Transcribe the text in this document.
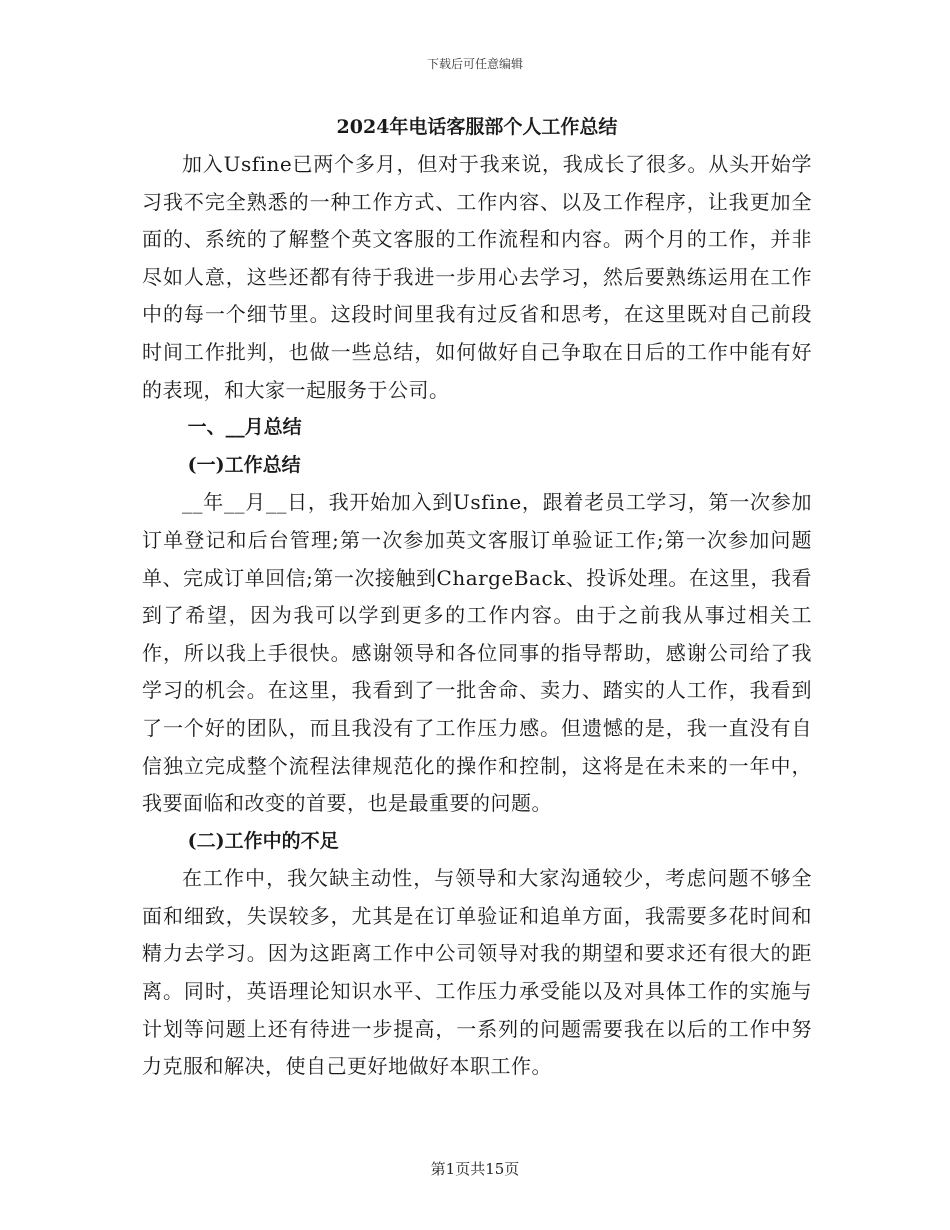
下载后可任意编辑
2024年电话客服部个人工作总结

加入Usfine已两个多月，但对于我来说，我成长了很多。从头开始学习我不完全熟悉的一种工作方式、工作内容、以及工作程序，让我更加全面的、系统的了解整个英文客服的工作流程和内容。两个月的工作，并非尽如人意，这些还都有待于我进一步用心去学习，然后要熟练运用在工作中的每一个细节里。这段时间里我有过反省和思考，在这里既对自己前段时间工作批判，也做一些总结，如何做好自己争取在日后的工作中能有好的表现，和大家一起服务于公司。

一、__月总结
(一)工作总结

__年__月__日，我开始加入到Usfine，跟着老员工学习，第一次参加订单登记和后台管理;第一次参加英文客服订单验证工作;第一次参加问题单、完成订单回信;第一次接触到ChargeBack、投诉处理。在这里，我看到了希望，因为我可以学到更多的工作内容。由于之前我从事过相关工作，所以我上手很快。感谢领导和各位同事的指导帮助，感谢公司给了我学习的机会。在这里，我看到了一批舍命、卖力、踏实的人工作，我看到了一个好的团队，而且我没有了工作压力感。但遗憾的是，我一直没有自信独立完成整个流程法律规范化的操作和控制，这将是在未来的一年中，我要面临和改变的首要，也是最重要的问题。

(二)工作中的不足

在工作中，我欠缺主动性，与领导和大家沟通较少，考虑问题不够全面和细致，失误较多，尤其是在订单验证和追单方面，我需要多花时间和精力去学习。因为这距离工作中公司领导对我的期望和要求还有很大的距离。同时，英语理论知识水平、工作压力承受能以及对具体工作的实施与计划等问题上还有待进一步提高，一系列的问题需要我在以后的工作中努力克服和解决，使自己更好地做好本职工作。

第1页共15页
